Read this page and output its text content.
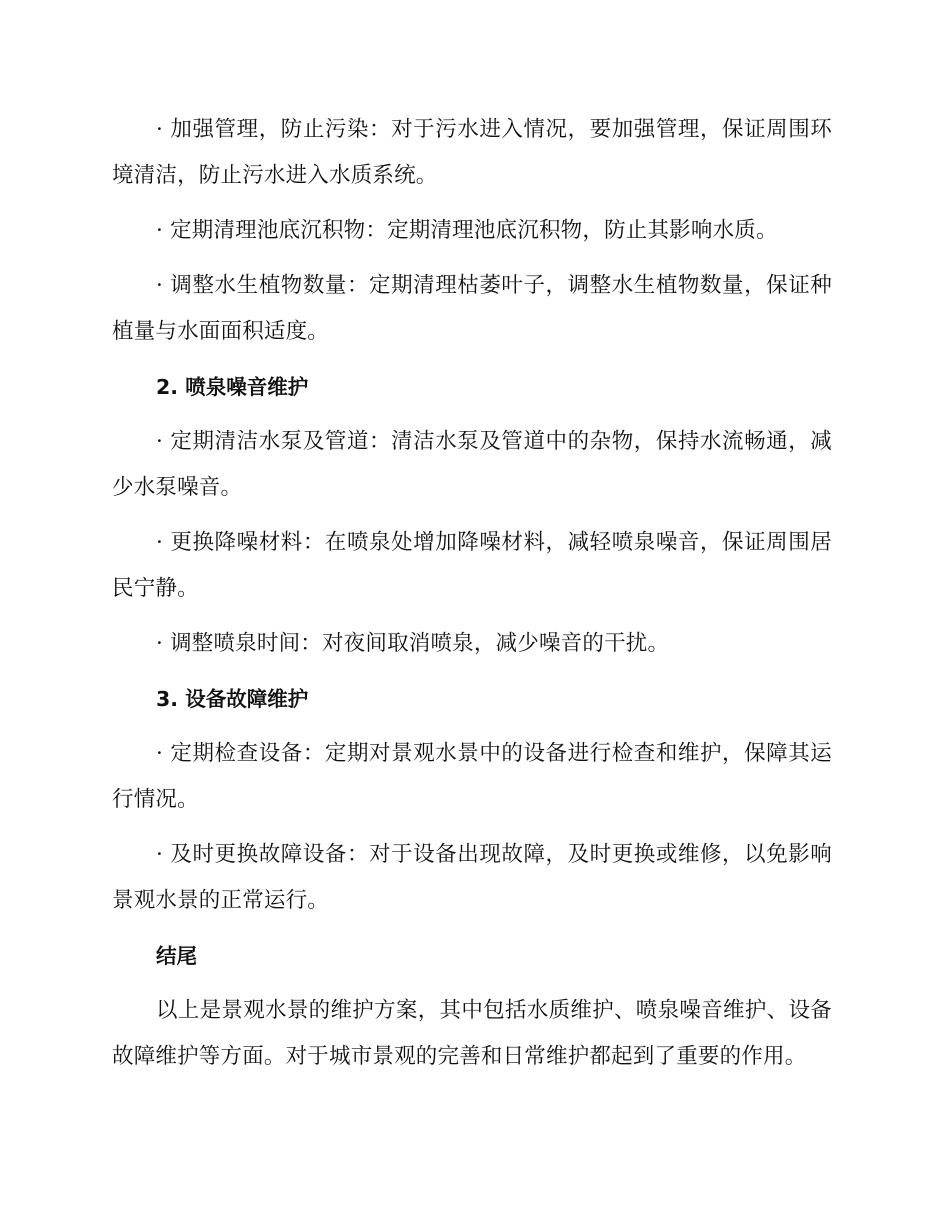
· 加强管理，防止污染：对于污水进入情况，要加强管理，保证周围环境清洁，防止污水进入水质系统。

· 定期清理池底沉积物：定期清理池底沉积物，防止其影响水质。

· 调整水生植物数量：定期清理枯萎叶子，调整水生植物数量，保证种植量与水面面积适度。

2. 喷泉噪音维护

· 定期清洁水泵及管道：清洁水泵及管道中的杂物，保持水流畅通，减少水泵噪音。

· 更换降噪材料：在喷泉处增加降噪材料，减轻喷泉噪音，保证周围居民宁静。

· 调整喷泉时间：对夜间取消喷泉，减少噪音的干扰。

3. 设备故障维护

· 定期检查设备：定期对景观水景中的设备进行检查和维护，保障其运行情况。

· 及时更换故障设备：对于设备出现故障，及时更换或维修，以免影响景观水景的正常运行。

结尾

以上是景观水景的维护方案，其中包括水质维护、喷泉噪音维护、设备故障维护等方面。对于城市景观的完善和日常维护都起到了重要的作用。
